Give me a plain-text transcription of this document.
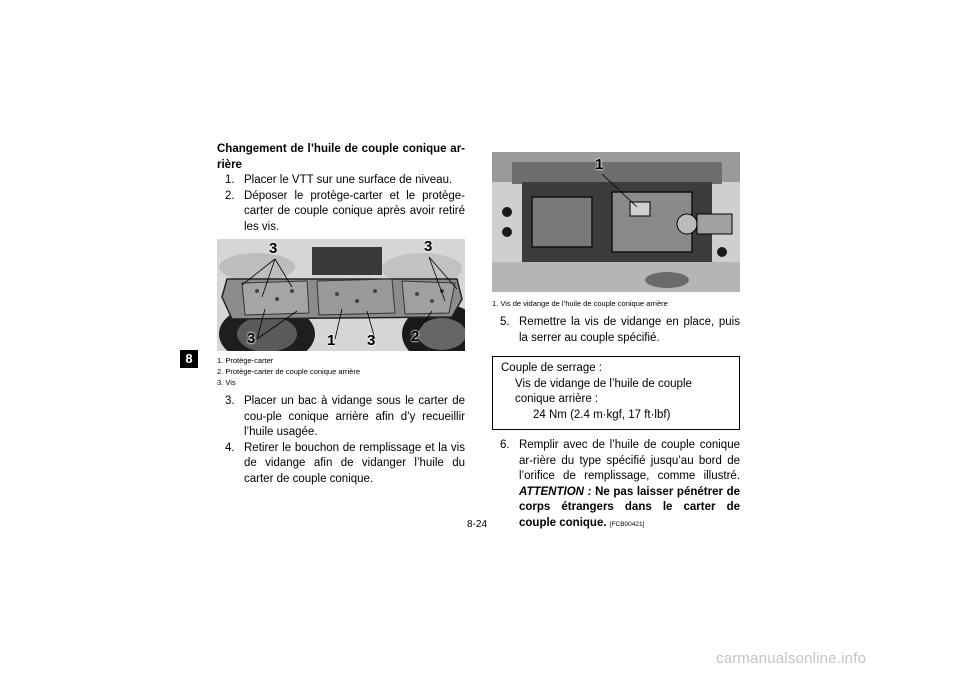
8
Changement de l’huile de couple conique ar-rière
1. Placer le VTT sur une surface de niveau.
2. Déposer le protège-carter et le protège-carter de couple conique après avoir retiré les vis.
3	3
3	1 3 2
1. Protège-carter
2. Protège-carter de couple conique arrière
3. Vis
3. Placer un bac à vidange sous le carter de cou-ple conique arrière afin d’y recueillir l’huile usagée.
4. Retirer le bouchon de remplissage et la vis de vidange afin de vidanger l’huile du carter de couple conique.
1
1. Vis de vidange de l’huile de couple conique arrière
5. Remettre la vis de vidange en place, puis la serrer au couple spécifié.
Couple de serrage :
Vis de vidange de l’huile de couple conique arrière :
24 Nm (2.4 m·kgf, 17 ft·lbf)
6. Remplir avec de l’huile de couple conique ar-rière du type spécifié jusqu’au bord de l’orifice de remplissage, comme illustré. ATTENTION : Ne pas laisser pénétrer de corps étrangers dans le carter de couple conique. [FCB00421]
8-24
carmanualsonline.info
